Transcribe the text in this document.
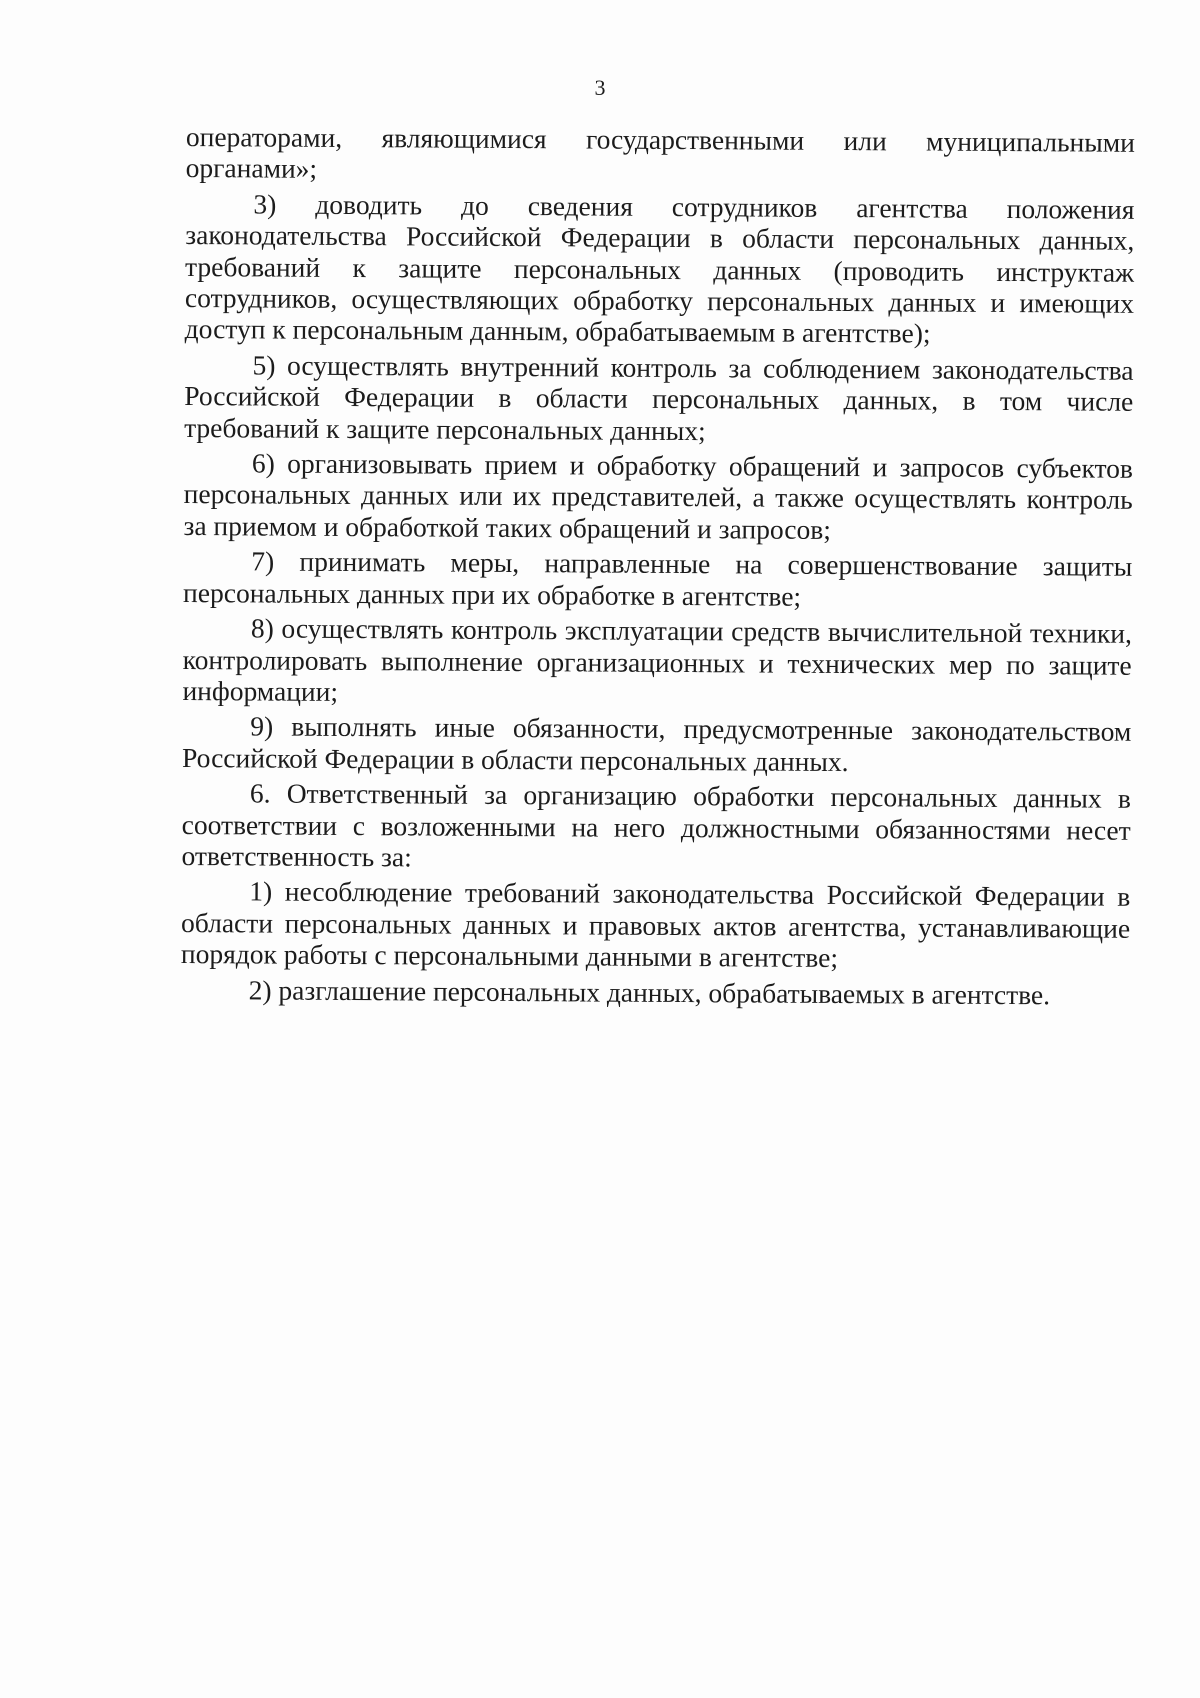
3

операторами, являющимися государственными или муниципальными органами»;

3) доводить до сведения сотрудников агентства положения законодательства Российской Федерации в области персональных данных, требований к защите персональных данных (проводить инструктаж сотрудников, осуществляющих обработку персональных данных и имеющих доступ к персональным данным, обрабатываемым в агентстве);

5) осуществлять внутренний контроль за соблюдением законодательства Российской Федерации в области персональных данных, в том числе требований к защите персональных данных;

6) организовывать прием и обработку обращений и запросов субъектов персональных данных или их представителей, а также осуществлять контроль за приемом и обработкой таких обращений и запросов;

7) принимать меры, направленные на совершенствование защиты персональных данных при их обработке в агентстве;

8) осуществлять контроль эксплуатации средств вычислительной техники, контролировать выполнение организационных и технических мер по защите информации;

9) выполнять иные обязанности, предусмотренные законодательством Российской Федерации в области персональных данных.

6. Ответственный за организацию обработки персональных данных в соответствии с возложенными на него должностными обязанностями несет ответственность за:

1) несоблюдение требований законодательства Российской Федерации в области персональных данных и правовых актов агентства, устанавливающие порядок работы с персональными данными в агентстве;

2) разглашение персональных данных, обрабатываемых в агентстве.
